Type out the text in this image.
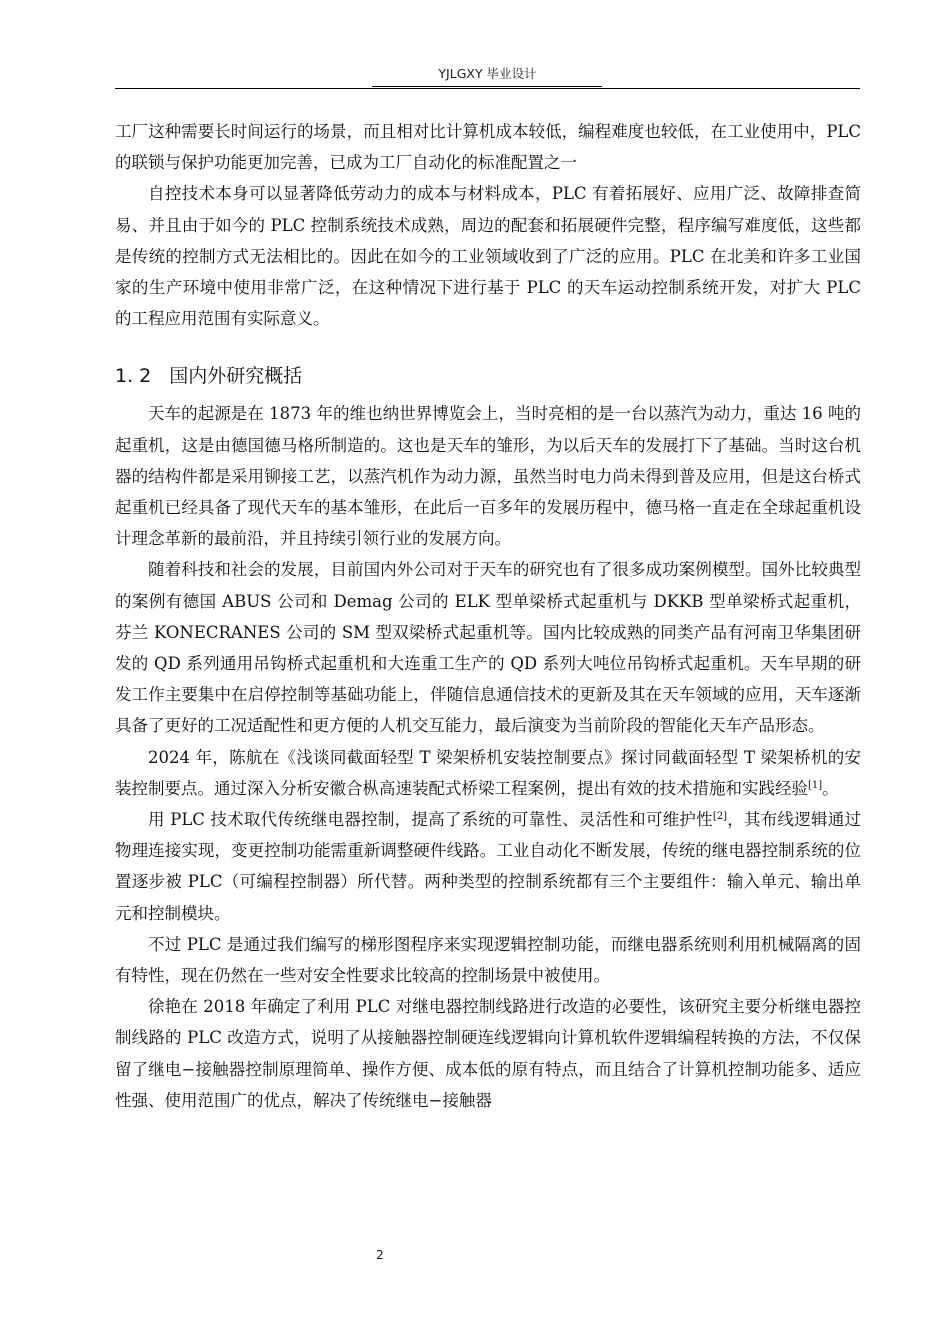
YJLGXY 毕业设计

工厂这种需要长时间运行的场景，而且相对比计算机成本较低，编程难度也较低，在工业使用中，PLC 的联锁与保护功能更加完善，已成为工厂自动化的标准配置之一

自控技术本身可以显著降低劳动力的成本与材料成本，PLC 有着拓展好、应用广泛、故障排查简易、并且由于如今的 PLC 控制系统技术成熟，周边的配套和拓展硬件完整，程序编写难度低，这些都是传统的控制方式无法相比的。因此在如今的工业领域收到了广泛的应用。PLC 在北美和许多工业国家的生产环境中使用非常广泛，在这种情况下进行基于 PLC 的天车运动控制系统开发，对扩大 PLC 的工程应用范围有实际意义。

1. 2 国内外研究概括

天车的起源是在 1873 年的维也纳世界博览会上，当时亮相的是一台以蒸汽为动力，重达 16 吨的起重机，这是由德国德马格所制造的。这也是天车的雏形，为以后天车的发展打下了基础。当时这台机器的结构件都是采用铆接工艺，以蒸汽机作为动力源，虽然当时电力尚未得到普及应用，但是这台桥式起重机已经具备了现代天车的基本雏形，在此后一百多年的发展历程中，德马格一直走在全球起重机设计理念革新的最前沿，并且持续引领行业的发展方向。

随着科技和社会的发展，目前国内外公司对于天车的研究也有了很多成功案例模型。国外比较典型的案例有德国 ABUS 公司和 Demag 公司的 ELK 型单梁桥式起重机与 DKKB 型单梁桥式起重机，芬兰 KONECRANES 公司的 SM 型双梁桥式起重机等。国内比较成熟的同类产品有河南卫华集团研发的 QD 系列通用吊钩桥式起重机和大连重工生产的 QD 系列大吨位吊钩桥式起重机。天车早期的研发工作主要集中在启停控制等基础功能上，伴随信息通信技术的更新及其在天车领域的应用，天车逐渐具备了更好的工况适配性和更方便的人机交互能力，最后演变为当前阶段的智能化天车产品形态。

2024 年，陈航在《浅谈同截面轻型 T 梁架桥机安装控制要点》探讨同截面轻型 T 梁架桥机的安装控制要点。通过深入分析安徽合枞高速装配式桥梁工程案例，提出有效的技术措施和实践经验[1]。

用 PLC 技术取代传统继电器控制，提高了系统的可靠性、灵活性和可维护性[2]，其布线逻辑通过物理连接实现，变更控制功能需重新调整硬件线路。工业自动化不断发展，传统的继电器控制系统的位置逐步被 PLC（可编程控制器）所代替。两种类型的控制系统都有三个主要组件：输入单元、输出单元和控制模块。

不过 PLC 是通过我们编写的梯形图程序来实现逻辑控制功能，而继电器系统则利用机械隔离的固有特性，现在仍然在一些对安全性要求比较高的控制场景中被使用。

徐艳在 2018 年确定了利用 PLC 对继电器控制线路进行改造的必要性，该研究主要分析继电器控制线路的 PLC 改造方式，说明了从接触器控制硬连线逻辑向计算机软件逻辑编程转换的方法，不仅保留了继电−接触器控制原理简单、操作方便、成本低的原有特点，而且结合了计算机控制功能多、适应性强、使用范围广的优点，解决了传统继电−接触器

2
